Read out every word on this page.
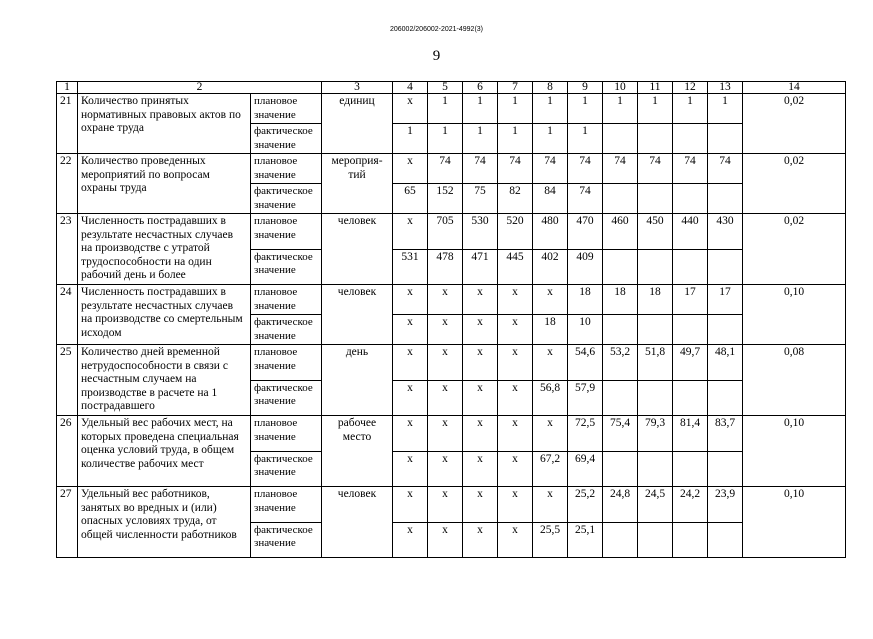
206002/206002-2021-4992(3)
9
1	2		3	4	5	6	7	8	9	10	11	12	13	14
21	Количество принятых нормативных правовых актов по охране труда	плановое значение	единиц	x	1	1	1	1	1	1	1	1	1	0,02
		фактическое значение		1	1	1	1	1	1					
22	Количество проведенных мероприятий по вопросам охраны труда	плановое значение	мероприя-тий	x	74	74	74	74	74	74	74	74	74	0,02
		фактическое значение		65	152	75	82	84	74					
23	Численность пострадавших в результате несчастных случаев на производстве с утратой трудоспособности на один рабочий день и более	плановое значение	человек	x	705	530	520	480	470	460	450	440	430	0,02
		фактическое значение		531	478	471	445	402	409					
24	Численность пострадавших в результате несчастных случаев на производстве со смертельным исходом	плановое значение	человек	x	x	x	x	x	18	18	18	17	17	0,10
		фактическое значение		x	x	x	x	18	10					
25	Количество дней временной нетрудоспособности в связи с несчастным случаем на производстве в расчете на 1 пострадавшего	плановое значение	день	x	x	x	x	x	54,6	53,2	51,8	49,7	48,1	0,08
		фактическое значение		x	x	x	x	56,8	57,9					
26	Удельный вес рабочих мест, на которых проведена специальная оценка условий труда, в общем количестве рабочих мест	плановое значение	рабочее место	x	x	x	x	x	72,5	75,4	79,3	81,4	83,7	0,10
		фактическое значение		x	x	x	x	67,2	69,4					
27	Удельный вес работников, занятых во вредных и (или) опасных условиях труда, от общей численности работников	плановое значение	человек	x	x	x	x	x	25,2	24,8	24,5	24,2	23,9	0,10
		фактическое значение		x	x	x	x	25,5	25,1					
